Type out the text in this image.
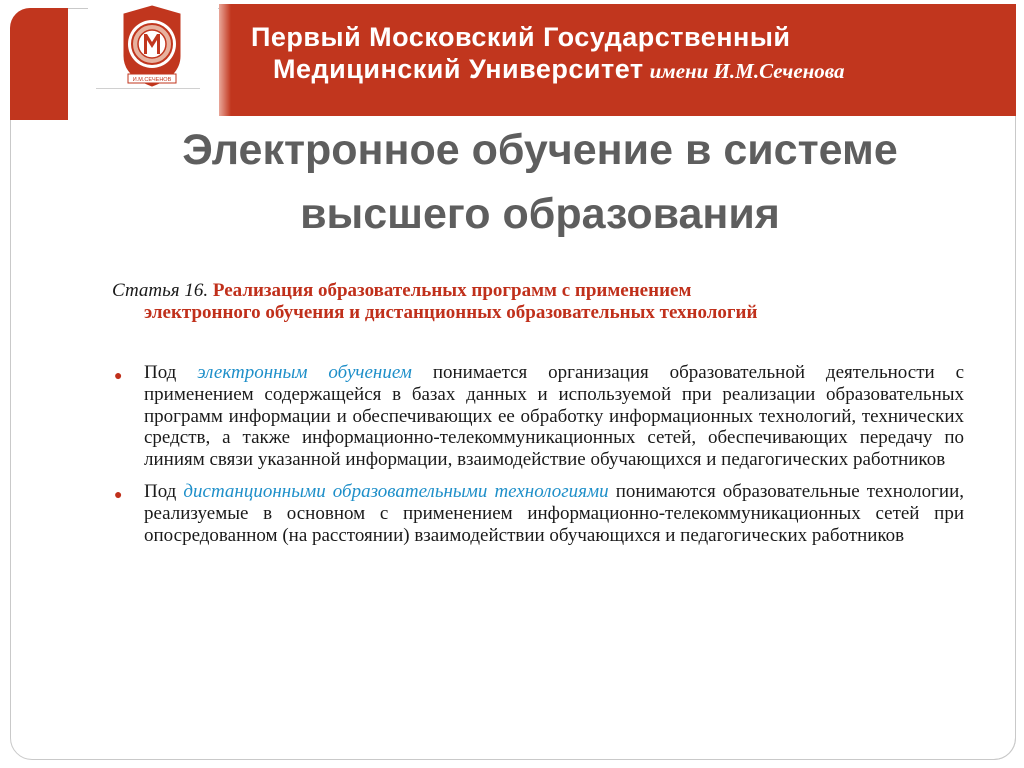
И.М.СЕЧЕНОВ
Первый Московский Государственный
Медицинский Университет имени И.М.Сеченова
Электронное обучение в системе
высшего образования
Статья 16. Реализация образовательных программ с применением
электронного обучения и дистанционных образовательных технологий
● Под электронным обучением понимается организация образовательной деятельности с применением содержащейся в базах данных и используемой при реализации образовательных программ информации и обеспечивающих ее обработку информационных технологий, технических средств, а также информационно-телекоммуникационных сетей, обеспечивающих передачу по линиям связи указанной информации, взаимодействие обучающихся и педагогических работников
● Под дистанционными образовательными технологиями понимаются образовательные технологии, реализуемые в основном с применением информационно-телекоммуникационных сетей при опосредованном (на расстоянии) взаимодействии обучающихся и педагогических работников
